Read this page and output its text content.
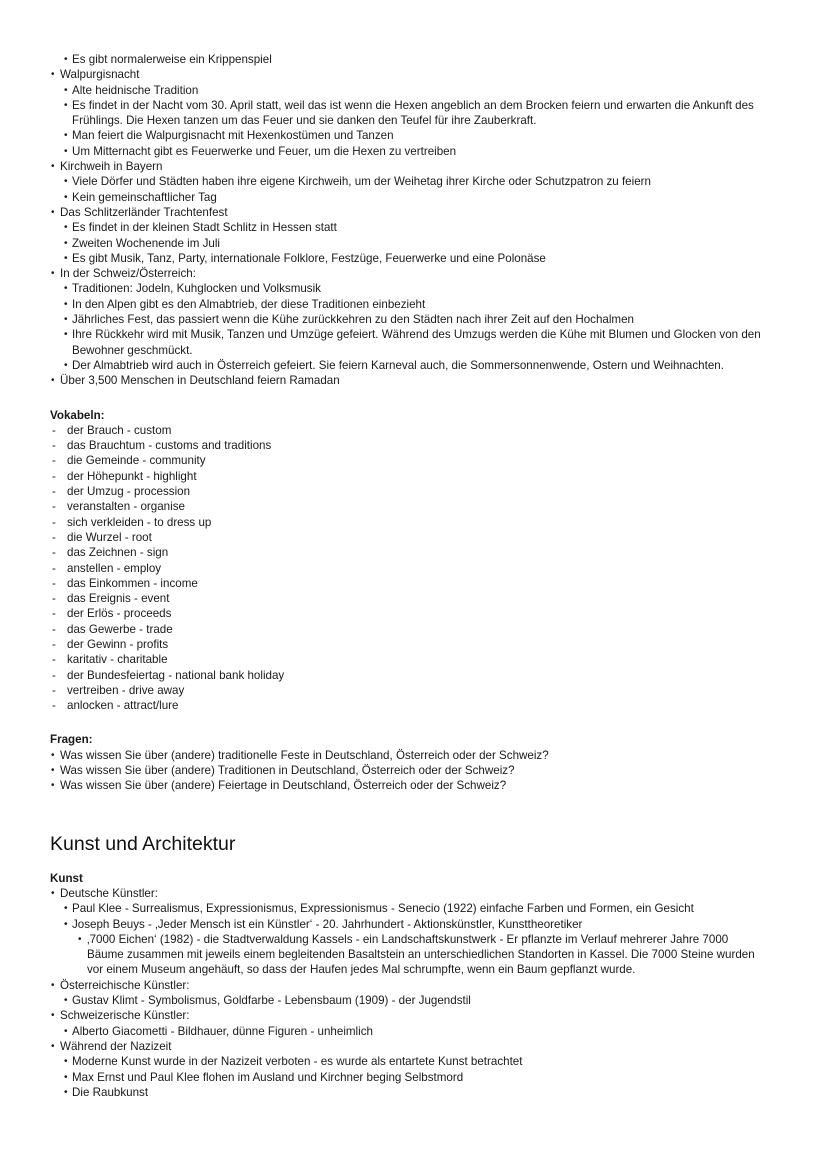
• Es gibt normalerweise ein Krippenspiel
• Walpurgisnacht
• Alte heidnische Tradition
• Es findet in der Nacht vom 30. April statt, weil das ist wenn die Hexen angeblich an dem Brocken feiern und erwarten die Ankunft des Frühlings. Die Hexen tanzen um das Feuer und sie danken den Teufel für ihre Zauberkraft.
• Man feiert die Walpurgisnacht mit Hexenkostümen und Tanzen
• Um Mitternacht gibt es Feuerwerke und Feuer, um die Hexen zu vertreiben
• Kirchweih in Bayern
• Viele Dörfer und Städten haben ihre eigene Kirchweih, um der Weihetag ihrer Kirche oder Schutzpatron zu feiern
• Kein gemeinschaftlicher Tag
• Das Schlitzerländer Trachtenfest
• Es findet in der kleinen Stadt Schlitz in Hessen statt
• Zweiten Wochenende im Juli
• Es gibt Musik, Tanz, Party, internationale Folklore, Festzüge, Feuerwerke und eine Polonäse
• In der Schweiz/Österreich:
• Traditionen: Jodeln, Kuhglocken und Volksmusik
• In den Alpen gibt es den Almabtrieb, der diese Traditionen einbezieht
• Jährliches Fest, das passiert wenn die Kühe zurückkehren zu den Städten nach ihrer Zeit auf den Hochalmen
• Ihre Rückkehr wird mit Musik, Tanzen und Umzüge gefeiert. Während des Umzugs werden die Kühe mit Blumen und Glocken von den Bewohner geschmückt.
• Der Almabtrieb wird auch in Österreich gefeiert. Sie feiern Karneval auch, die Sommersonnenwende, Ostern und Weihnachten.
• Über 3,500 Menschen in Deutschland feiern Ramadan
Vokabeln:
- der Brauch - custom
- das Brauchtum - customs and traditions
- die Gemeinde - community
- der Höhepunkt - highlight
- der Umzug - procession
- veranstalten - organise
- sich verkleiden - to dress up
- die Wurzel - root
- das Zeichnen - sign
- anstellen - employ
- das Einkommen - income
- das Ereignis - event
- der Erlös - proceeds
- das Gewerbe - trade
- der Gewinn - profits
- karitativ - charitable
- der Bundesfeiertag - national bank holiday
- vertreiben - drive away
- anlocken - attract/lure
Fragen:
• Was wissen Sie über (andere) traditionelle Feste in Deutschland, Österreich oder der Schweiz?
• Was wissen Sie über (andere) Traditionen in Deutschland, Österreich oder der Schweiz?
• Was wissen Sie über (andere) Feiertage in Deutschland, Österreich oder der Schweiz?
Kunst und Architektur
Kunst
• Deutsche Künstler:
• Paul Klee - Surrealismus, Expressionismus, Expressionismus - Senecio (1922) einfache Farben und Formen, ein Gesicht
• Joseph Beuys - ‚Jeder Mensch ist ein Künstler‘ - 20. Jahrhundert - Aktionskünstler, Kunsttheoretiker
• ‚7000 Eichen‘ (1982) - die Stadtverwaldung Kassels - ein Landschaftskunstwerk - Er pflanzte im Verlauf mehrerer Jahre 7000 Bäume zusammen mit jeweils einem begleitenden Basaltstein an unterschiedlichen Standorten in Kassel. Die 7000 Steine wurden vor einem Museum angehäuft, so dass der Haufen jedes Mal schrumpfte, wenn ein Baum gepflanzt wurde.
• Österreichische Künstler:
• Gustav Klimt - Symbolismus, Goldfarbe - Lebensbaum (1909) - der Jugendstil
• Schweizerische Künstler:
• Alberto Giacometti - Bildhauer, dünne Figuren - unheimlich
• Während der Nazizeit
• Moderne Kunst wurde in der Nazizeit verboten - es wurde als entartete Kunst betrachtet
• Max Ernst und Paul Klee flohen im Ausland und Kirchner beging Selbstmord
• Die Raubkunst
